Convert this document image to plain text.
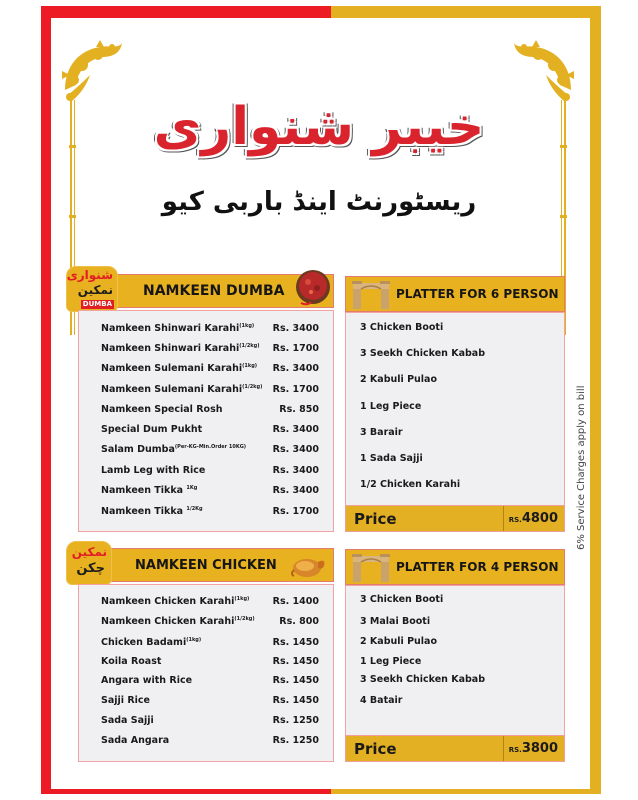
خیبر شنواری
ریسٹورنٹ اینڈ باربی کیو
NAMKEEN DUMBA
شنواری
نمکین
DUMBA
Namkeen Shinwari Karahi$^{(1kg)}$ Rs. 3400
Namkeen Shinwari Karahi$^{(1/2kg)}$ Rs. 1700
Namkeen Sulemani Karahi$^{(1kg)}$ Rs. 3400
Namkeen Sulemani Karahi$^{(1/2kg)}$ Rs. 1700
Namkeen Special Rosh	Rs. 850
Special Dum Pukht	Rs. 3400
Salam Dumba$^{(Per-KG-Min.Order 10KG)}$	Rs. 3400
Lamb Leg with Rice	Rs. 3400
Namkeen Tikka $^{1Kg}$	Rs. 3400
Namkeen Tikka $^{1/2Kg}$	Rs. 1700
NAMKEEN CHICKEN
نمکین
چکن
Namkeen Chicken Karahi$^{(1kg)}$ Rs. 1400
Namkeen Chicken Karahi$^{(1/2kg)}$	Rs. 800
Chicken Badami$^{(1kg)}$	Rs. 1450
Koila Roast	Rs. 1450
Angara with Rice	Rs. 1450
Sajji Rice	Rs. 1450
Sada Sajji	Rs. 1250
Sada Angara	Rs. 1250
PLATTER FOR 6 PERSON
3 Chicken Booti
3 Seekh Chicken Kabab
2 Kabuli Pulao
1 Leg Piece
3 Barair
1 Sada Sajji
1/2 Chicken Karahi
Price	RS.4800
PLATTER FOR 4 PERSON
3 Chicken Booti
3 Malai Booti
2 Kabuli Pulao
1 Leg Piece
3 Seekh Chicken Kabab
4 Batair
Price	RS.3800
6% Service Charges apply on bill
